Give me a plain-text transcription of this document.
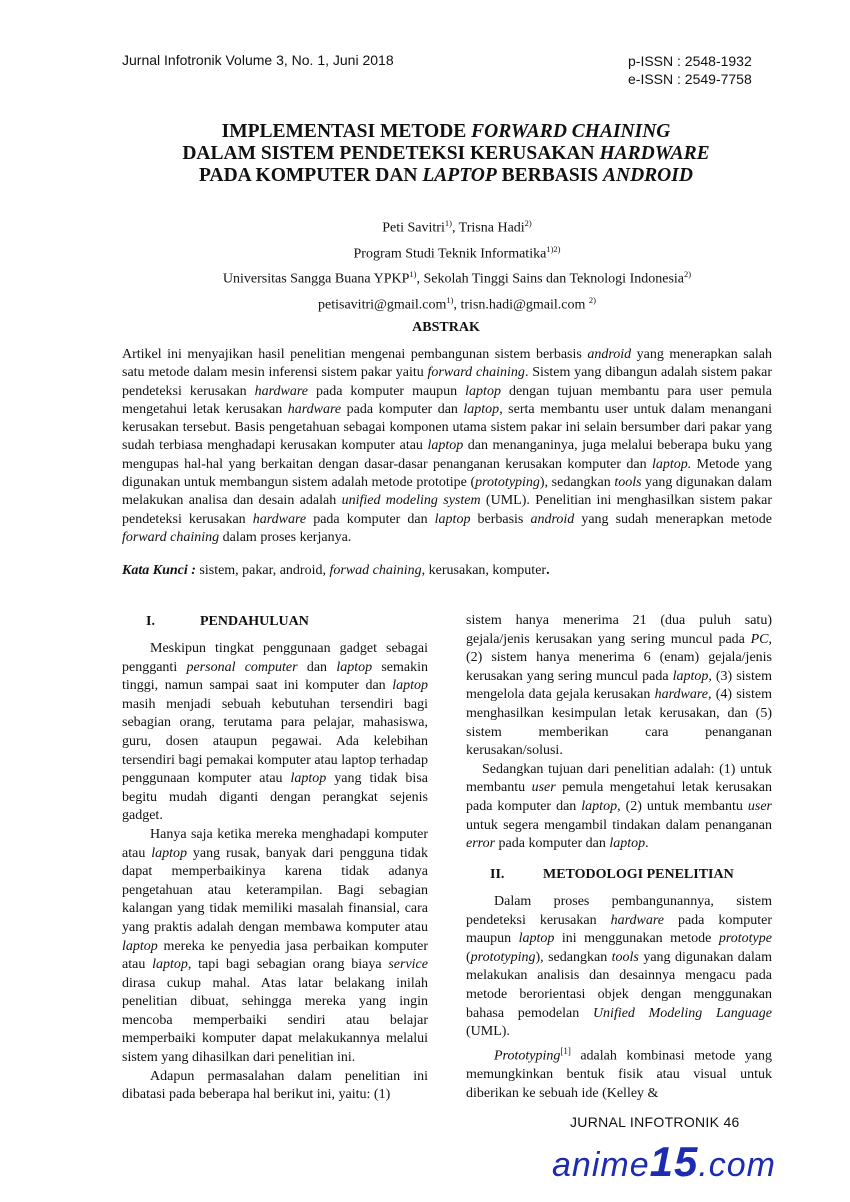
Jurnal Infotronik Volume 3, No. 1, Juni 2018	p-ISSN : 2548-1932
e-ISSN : 2549-7758
IMPLEMENTASI METODE FORWARD CHAINING
DALAM SISTEM PENDETEKSI KERUSAKAN HARDWARE
PADA KOMPUTER DAN LAPTOP BERBASIS ANDROID
Peti Savitri$^{1)}$, Trisna Hadi$^{2)}$
Program Studi Teknik Informatika$^{1)2)}$
Universitas Sangga Buana YPKP$^{1)}$, Sekolah Tinggi Sains dan Teknologi Indonesia$^{2)}$
petisavitri@gmail.com$^{1)}$, trisn.hadi@gmail.com $^{2)}$
ABSTRAK
Artikel ini menyajikan hasil penelitian mengenai pembangunan sistem berbasis android yang menerapkan salah satu metode dalam mesin inferensi sistem pakar yaitu forward chaining. Sistem yang dibangun adalah sistem pakar pendeteksi kerusakan hardware pada komputer maupun laptop dengan tujuan membantu para user pemula mengetahui letak kerusakan hardware pada komputer dan laptop, serta membantu user untuk dalam menangani kerusakan tersebut. Basis pengetahuan sebagai komponen utama sistem pakar ini selain bersumber dari pakar yang sudah terbiasa menghadapi kerusakan komputer atau laptop dan menanganinya, juga melalui beberapa buku yang mengupas hal-hal yang berkaitan dengan dasar-dasar penanganan kerusakan komputer dan laptop. Metode yang digunakan untuk membangun sistem adalah metode prototipe (prototyping), sedangkan tools yang digunakan dalam melakukan analisa dan desain adalah unified modeling system (UML). Penelitian ini menghasilkan sistem pakar pendeteksi kerusakan hardware pada komputer dan laptop berbasis android yang sudah menerapkan metode forward chaining dalam proses kerjanya.
Kata Kunci : sistem, pakar, android, forwad chaining, kerusakan, komputer.
I.	PENDAHULUAN

Meskipun tingkat penggunaan gadget sebagai pengganti personal computer dan laptop semakin tinggi, namun sampai saat ini komputer dan laptop masih menjadi sebuah kebutuhan tersendiri bagi sebagian orang, terutama para pelajar, mahasiswa, guru, dosen ataupun pegawai. Ada kelebihan tersendiri bagi pemakai komputer atau laptop terhadap penggunaan komputer atau laptop yang tidak bisa begitu mudah diganti dengan perangkat sejenis gadget.

Hanya saja ketika mereka menghadapi komputer atau laptop yang rusak, banyak dari pengguna tidak dapat memperbaikinya karena tidak adanya pengetahuan atau keterampilan. Bagi sebagian kalangan yang tidak memiliki masalah finansial, cara yang praktis adalah dengan membawa komputer atau laptop mereka ke penyedia jasa perbaikan komputer atau laptop, tapi bagi sebagian orang biaya service dirasa cukup mahal. Atas latar belakang inilah penelitian dibuat, sehingga mereka yang ingin mencoba memperbaiki sendiri atau belajar memperbaiki komputer dapat melakukannya melalui sistem yang dihasilkan dari penelitian ini.

Adapun permasalahan dalam penelitian ini dibatasi pada beberapa hal berikut ini, yaitu: (1)

sistem hanya menerima 21 (dua puluh satu) gejala/jenis kerusakan yang sering muncul pada PC, (2) sistem hanya menerima 6 (enam) gejala/jenis kerusakan yang sering muncul pada laptop, (3) sistem mengelola data gejala kerusakan hardware, (4) sistem menghasilkan kesimpulan letak kerusakan, dan (5) sistem memberikan cara penanganan kerusakan/solusi.

Sedangkan tujuan dari penelitian adalah: (1) untuk membantu user pemula mengetahui letak kerusakan pada komputer dan laptop, (2) untuk membantu user untuk segera mengambil tindakan dalam penanganan error pada komputer dan laptop.

II.	METODOLOGI PENELITIAN

Dalam proses pembangunannya, sistem pendeteksi kerusakan hardware pada komputer maupun laptop ini menggunakan metode prototype (prototyping), sedangkan tools yang digunakan dalam melakukan analisis dan desainnya mengacu pada metode berorientasi objek dengan menggunakan bahasa pemodelan Unified Modeling Language (UML).

Prototyping[1] adalah kombinasi metode yang memungkinkan bentuk fisik atau visual untuk diberikan ke sebuah ide (Kelley &

JURNAL INFOTRONIK 46
anime15.com
